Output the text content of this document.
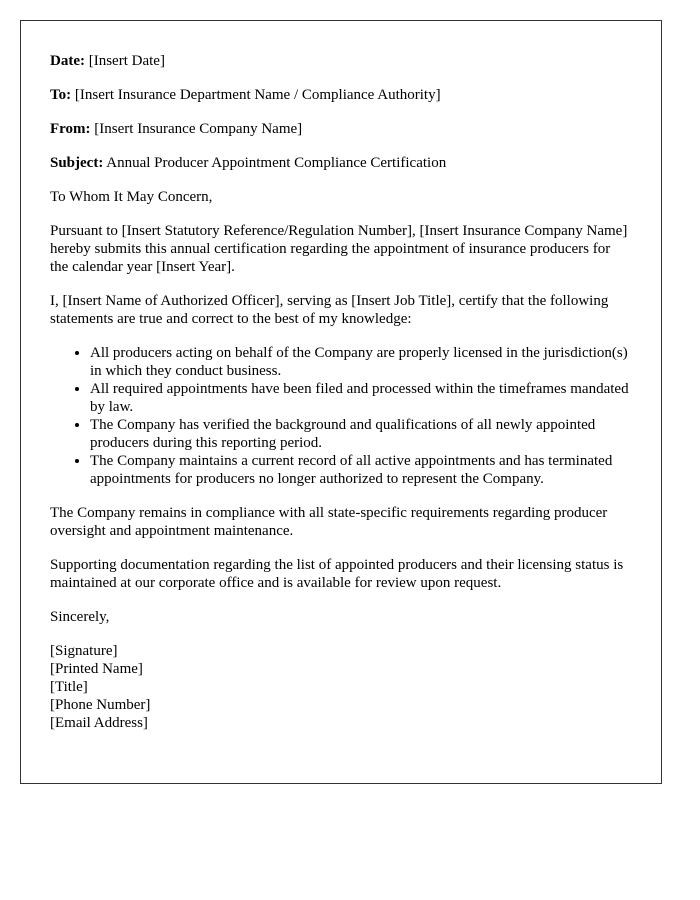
Date: [Insert Date]

To: [Insert Insurance Department Name / Compliance Authority]

From: [Insert Insurance Company Name]

Subject: Annual Producer Appointment Compliance Certification

To Whom It May Concern,

Pursuant to [Insert Statutory Reference/Regulation Number], [Insert Insurance Company Name] hereby submits this annual certification regarding the appointment of insurance producers for the calendar year [Insert Year].

I, [Insert Name of Authorized Officer], serving as [Insert Job Title], certify that the following statements are true and correct to the best of my knowledge:

• All producers acting on behalf of the Company are properly licensed in the jurisdiction(s) in which they conduct business.
• All required appointments have been filed and processed within the timeframes mandated by law.
• The Company has verified the background and qualifications of all newly appointed producers during this reporting period.
• The Company maintains a current record of all active appointments and has terminated appointments for producers no longer authorized to represent the Company.

The Company remains in compliance with all state-specific requirements regarding producer oversight and appointment maintenance.

Supporting documentation regarding the list of appointed producers and their licensing status is maintained at our corporate office and is available for review upon request.

Sincerely,

[Signature]

[Printed Name]

[Title]

[Phone Number]

[Email Address]
